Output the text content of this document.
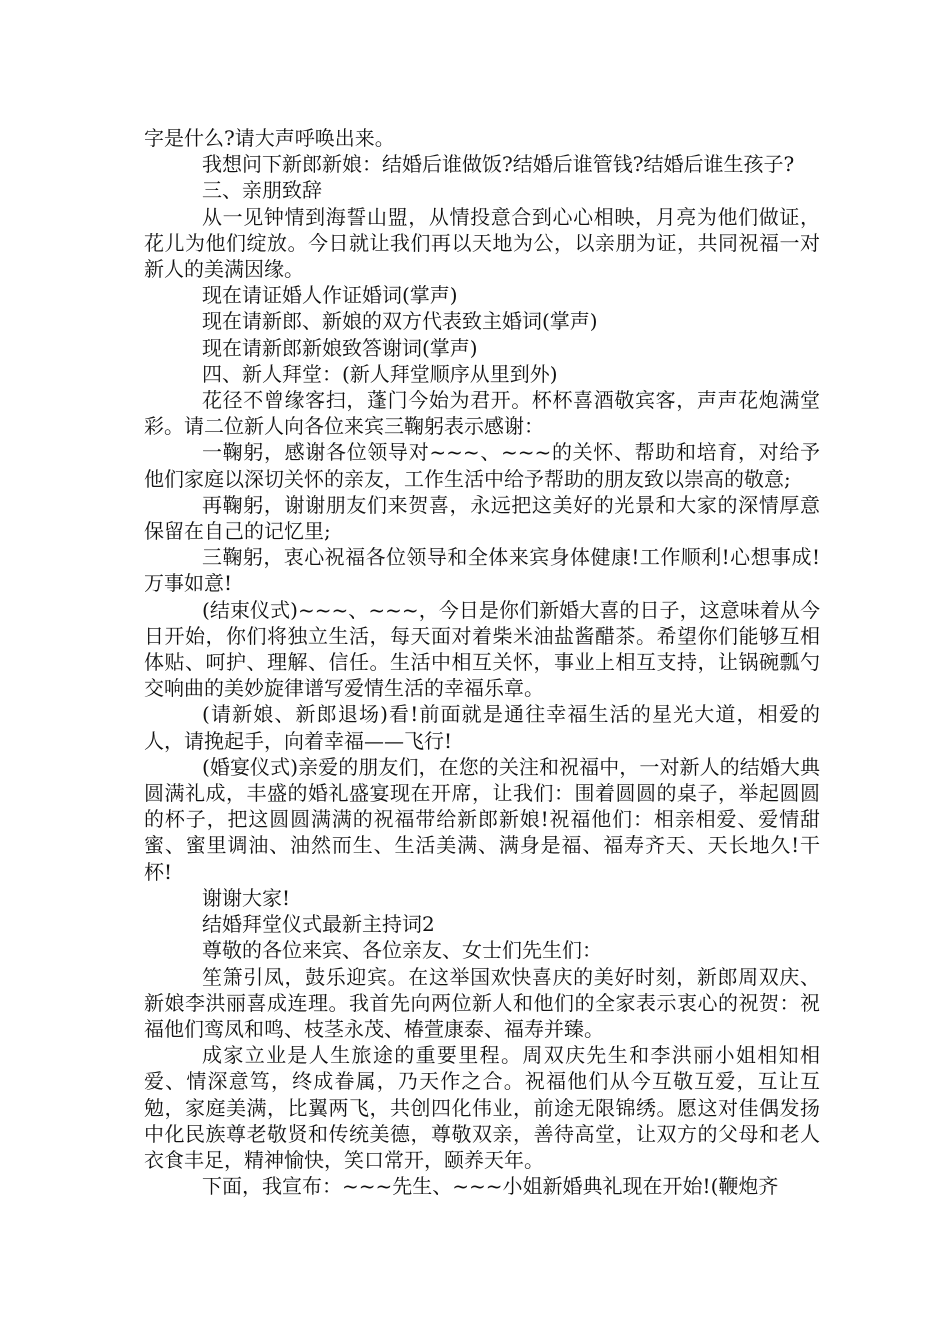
字是什么?请大声呼唤出来。

我想问下新郎新娘：结婚后谁做饭?结婚后谁管钱?结婚后谁生孩子?

三、亲朋致辞

从一见钟情到海誓山盟，从情投意合到心心相映，月亮为他们做证，花儿为他们绽放。今日就让我们再以天地为公，以亲朋为证，共同祝福一对新人的美满因缘。

现在请证婚人作证婚词(掌声)

现在请新郎、新娘的双方代表致主婚词(掌声)

现在请新郎新娘致答谢词(掌声)

四、新人拜堂：(新人拜堂顺序从里到外)

花径不曾缘客扫，蓬门今始为君开。杯杯喜酒敬宾客，声声花炮满堂彩。请二位新人向各位来宾三鞠躬表示感谢：

一鞠躬，感谢各位领导对~~~、~~~的关怀、帮助和培育，对给予他们家庭以深切关怀的亲友，工作生活中给予帮助的朋友致以崇高的敬意;

再鞠躬，谢谢朋友们来贺喜，永远把这美好的光景和大家的深情厚意保留在自己的记忆里;

三鞠躬，衷心祝福各位领导和全体来宾身体健康!工作顺利!心想事成!万事如意!

(结束仪式)~~~、~~~，今日是你们新婚大喜的日子，这意味着从今日开始，你们将独立生活，每天面对着柴米油盐酱醋茶。希望你们能够互相体贴、呵护、理解、信任。生活中相互关怀，事业上相互支持，让锅碗瓢勺交响曲的美妙旋律谱写爱情生活的幸福乐章。

(请新娘、新郎退场)看!前面就是通往幸福生活的星光大道，相爱的人，请挽起手，向着幸福——飞行!

(婚宴仪式)亲爱的朋友们，在您的关注和祝福中，一对新人的结婚大典圆满礼成，丰盛的婚礼盛宴现在开席，让我们：围着圆圆的桌子，举起圆圆的杯子，把这圆圆满满的祝福带给新郎新娘!祝福他们：相亲相爱、爱情甜蜜、蜜里调油、油然而生、生活美满、满身是福、福寿齐天、天长地久!干杯!

谢谢大家!

结婚拜堂仪式最新主持词2

尊敬的各位来宾、各位亲友、女士们先生们：

笙箫引凤，鼓乐迎宾。在这举国欢快喜庆的美好时刻，新郎周双庆、新娘李洪丽喜成连理。我首先向两位新人和他们的全家表示衷心的祝贺：祝福他们鸾凤和鸣、枝茎永茂、椿萱康泰、福寿并臻。

成家立业是人生旅途的重要里程。周双庆先生和李洪丽小姐相知相爱、情深意笃，终成眷属，乃天作之合。祝福他们从今互敬互爱，互让互勉，家庭美满，比翼两飞，共创四化伟业，前途无限锦绣。愿这对佳偶发扬中化民族尊老敬贤和传统美德，尊敬双亲，善待高堂，让双方的父母和老人衣食丰足，精神愉快，笑口常开，颐养天年。

下面，我宣布：~~~先生、~~~小姐新婚典礼现在开始!(鞭炮齐
